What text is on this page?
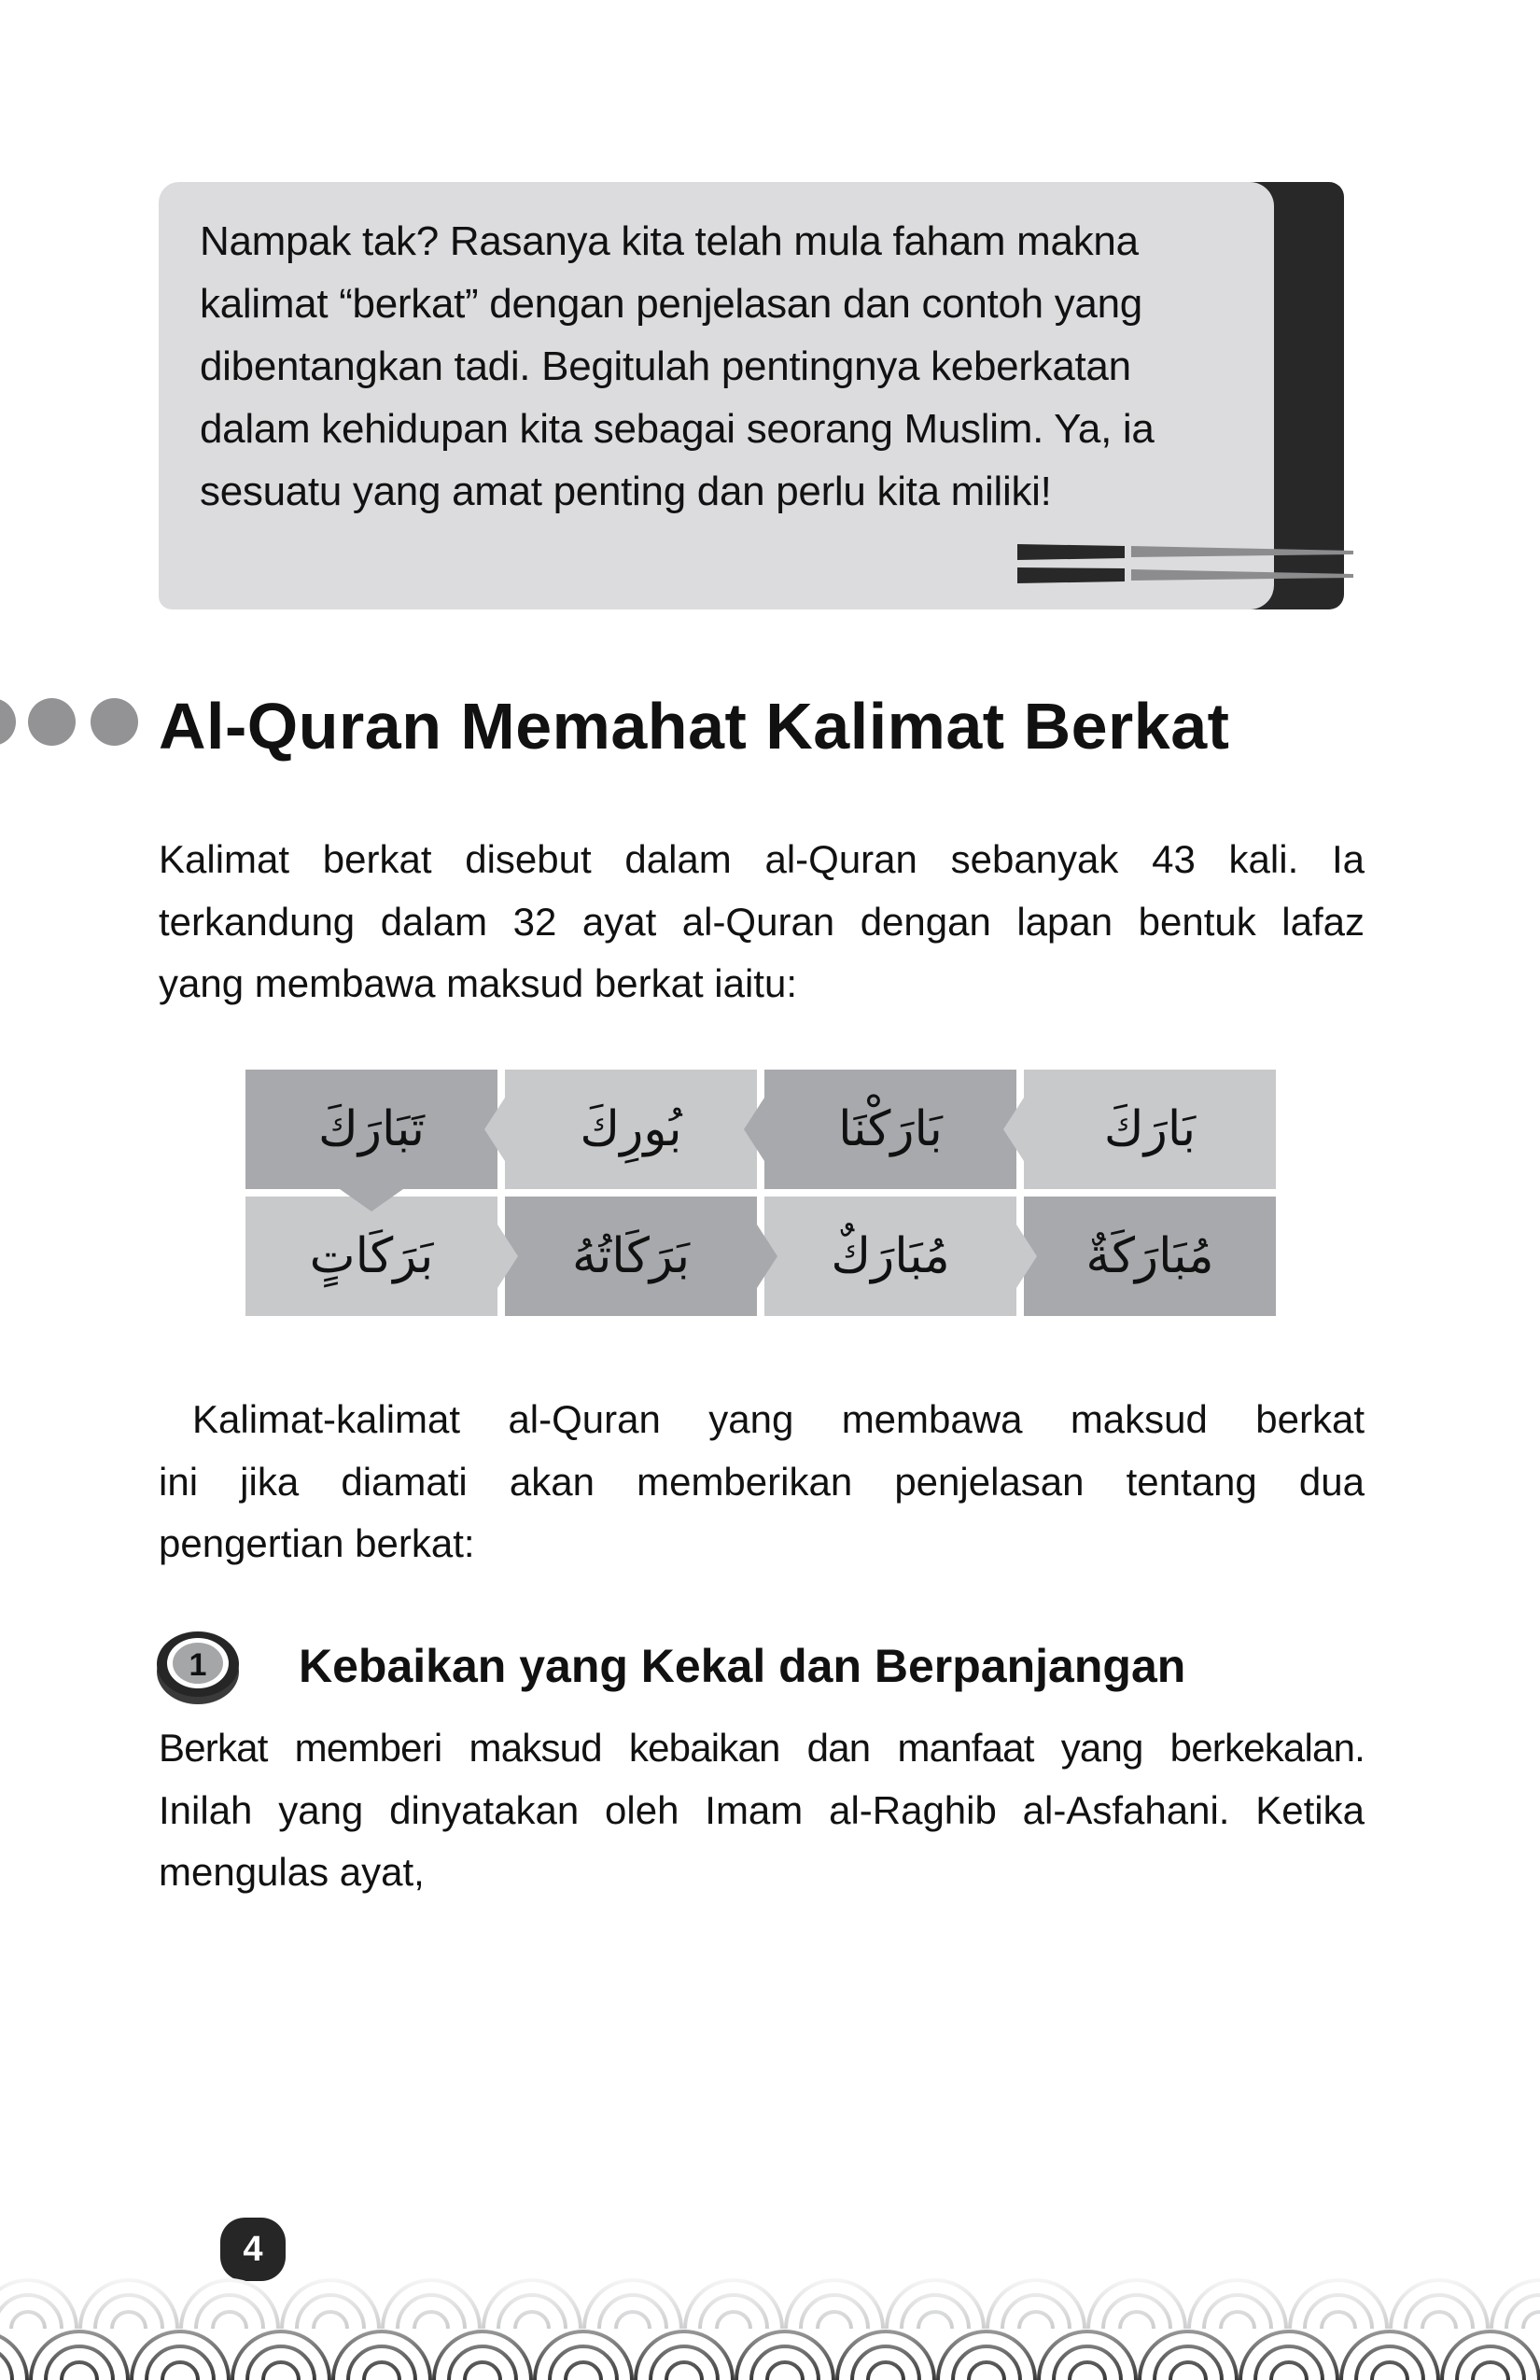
Nampak tak? Rasanya kita telah mula faham makna
kalimat “berkat” dengan penjelasan dan contoh yang
dibentangkan tadi. Begitulah pentingnya keberkatan
dalam kehidupan kita sebagai seorang Muslim. Ya, ia
sesuatu yang amat penting dan perlu kita miliki!
Al-Quran Memahat Kalimat Berkat

Kalimat berkat disebut dalam al-Quran sebanyak 43 kali. Ia
terkandung dalam 32 ayat al-Quran dengan lapan bentuk lafaz
yang membawa maksud berkat iaitu:

تَبَارَكَ	بُورِكَ	بَارَكْنَا	بَارَكَ
بَرَكَاتٍ	بَرَكَاتُهُ	مُبَارَكٌ	مُبَارَكَةٌ

Kalimat-kalimat al-Quran yang membawa maksud berkat
ini jika diamati akan memberikan penjelasan tentang dua
pengertian berkat:

1 Kebaikan yang Kekal dan Berpanjangan

Berkat memberi maksud kebaikan dan manfaat yang berkekalan.
Inilah yang dinyatakan oleh Imam al-Raghib al-Asfahani. Ketika
mengulas ayat,

4
